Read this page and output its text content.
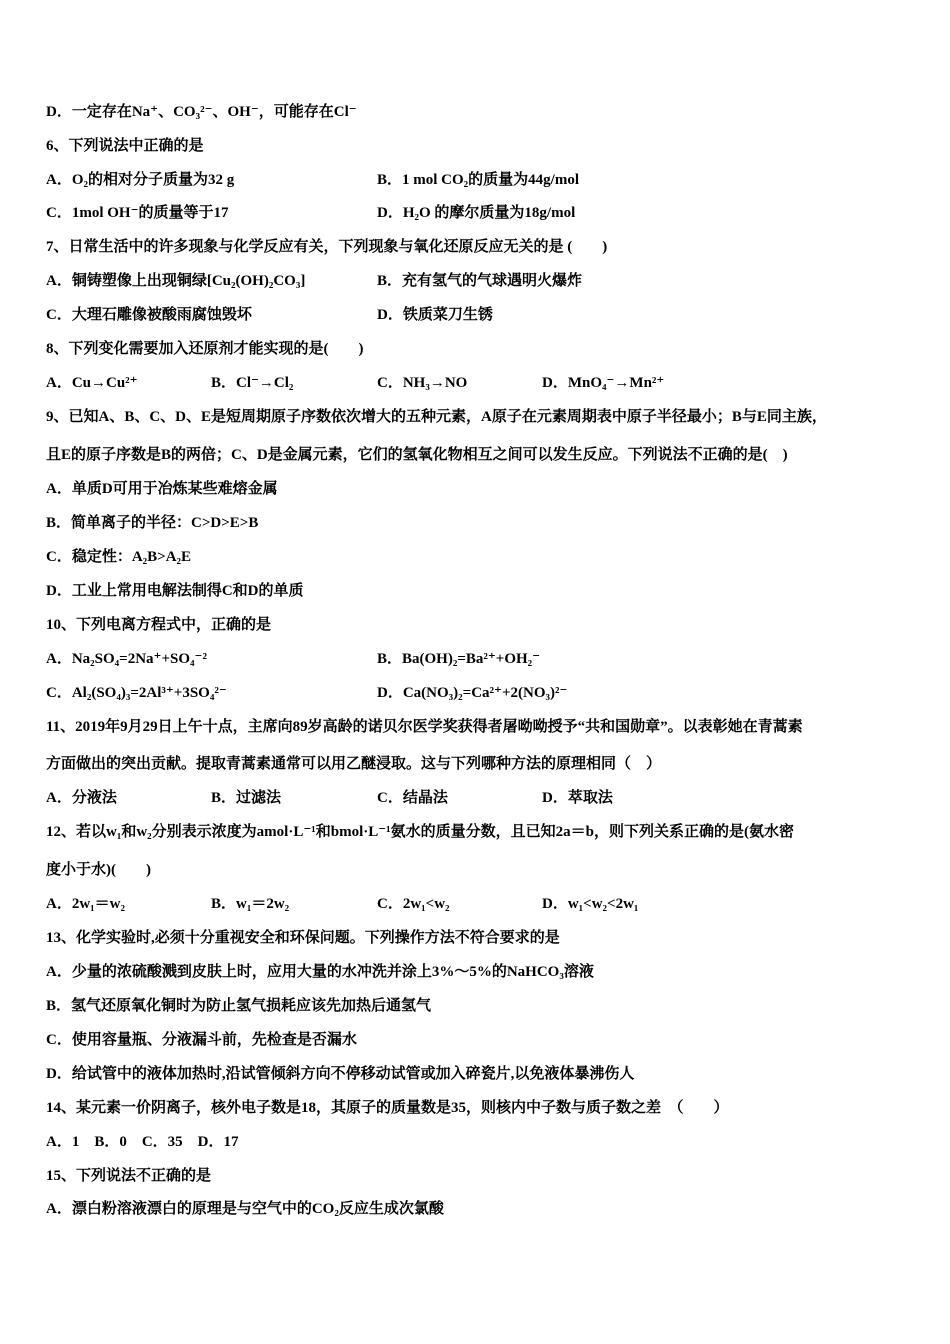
D．一定存在Na⁺、CO₃²⁻、OH⁻，可能存在Cl⁻
6、下列说法中正确的是
A．O₂的相对分子质量为32 g	B．1 mol CO₂的质量为44g/mol
C．1mol OH⁻的质量等于17	D．H₂O 的摩尔质量为18g/mol
7、日常生活中的许多现象与化学反应有关，下列现象与氧化还原反应无关的是 (　　)
A．铜铸塑像上出现铜绿[Cu₂(OH)₂CO₃]	B．充有氢气的气球遇明火爆炸
C．大理石雕像被酸雨腐蚀毁坏	D．铁质菜刀生锈
8、下列变化需要加入还原剂才能实现的是(　　)
A．Cu→Cu²⁺	B．Cl⁻→Cl₂	C．NH₃→NO	D．MnO₄⁻→Mn²⁺
9、已知A、B、C、D、E是短周期原子序数依次增大的五种元素，A原子在元素周期表中原子半径最小；B与E同主族，
且E的原子序数是B的两倍；C、D是金属元素，它们的氢氧化物相互之间可以发生反应。下列说法不正确的是(　)
A．单质D可用于冶炼某些难熔金属
B．简单离子的半径：C>D>E>B
C．稳定性：A₂B>A₂E
D．工业上常用电解法制得C和D的单质
10、下列电离方程式中，正确的是
A．Na₂SO₄=2Na⁺+SO₄⁻²	B．Ba(OH)₂=Ba²⁺+OH₂⁻
C．Al₂(SO₄)₃=2Al³⁺+3SO₄²⁻	D．Ca(NO₃)₂=Ca²⁺+2(NO₃)²⁻
11、2019年9月29日上午十点，主席向89岁高龄的诺贝尔医学奖获得者屠呦呦授予“共和国勋章”。以表彰她在青蒿素
方面做出的突出贡献。提取青蒿素通常可以用乙醚浸取。这与下列哪种方法的原理相同（　）
A．分液法	B．过滤法	C．结晶法	D．萃取法
12、若以w₁和w₂分别表示浓度为amol·L⁻¹和bmol·L⁻¹氨水的质量分数，且已知2a＝b，则下列关系正确的是(氨水密
度小于水)(　　)
A．2w₁＝w₂	B．w₁＝2w₂	C．2w₁<w₂	D．w₁<w₂<2w₁
13、化学实验时,必须十分重视安全和环保问题。下列操作方法不符合要求的是
A．少量的浓硫酸溅到皮肤上时，应用大量的水冲洗并涂上3%～5%的NaHCO₃溶液
B．氢气还原氧化铜时为防止氢气损耗应该先加热后通氢气
C．使用容量瓶、分液漏斗前，先检查是否漏水
D．给试管中的液体加热时,沿试管倾斜方向不停移动试管或加入碎瓷片,以免液体暴沸伤人
14、某元素一价阴离子，核外电子数是18，其原子的质量数是35，则核内中子数与质子数之差　（　　）
A．1　B．0　C．35　D．17
15、下列说法不正确的是
A．漂白粉溶液漂白的原理是与空气中的CO₂反应生成次氯酸
